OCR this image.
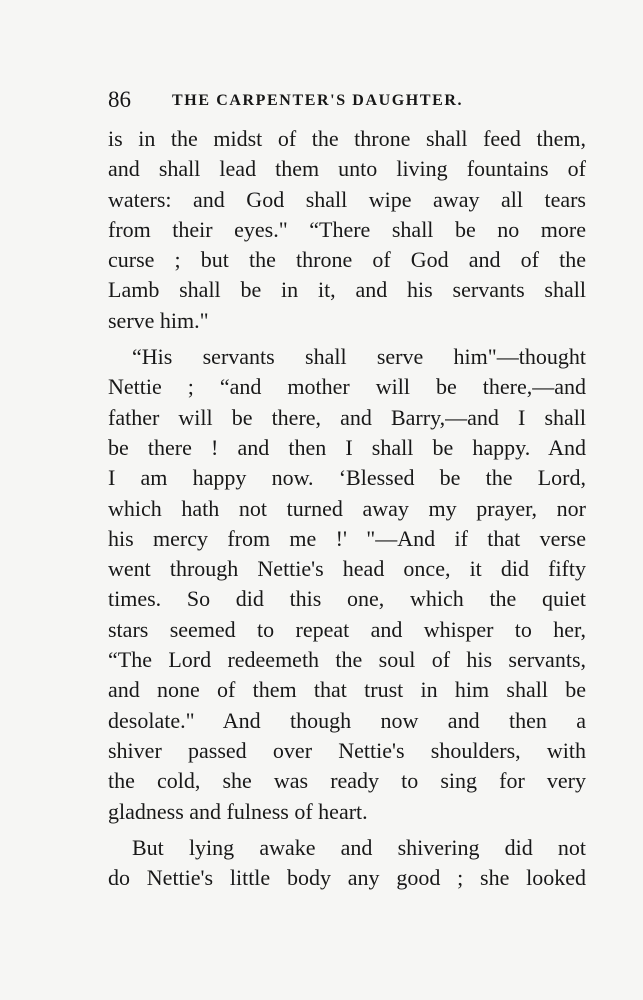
86	THE CARPENTER'S DAUGHTER.
is in the midst of the throne shall feed them,
and shall lead them unto living fountains of
waters: and God shall wipe away all tears
from their eyes." “There shall be no more
curse ; but the throne of God and of the
Lamb shall be in it, and his servants shall
serve him."
“His servants shall serve him"—thought
Nettie ; “and mother will be there,—and
father will be there, and Barry,—and I shall
be there ! and then I shall be happy. And
I am happy now. ‘Blessed be the Lord,
which hath not turned away my prayer, nor
his mercy from me !' "—And if that verse
went through Nettie's head once, it did fifty
times. So did this one, which the quiet
stars seemed to repeat and whisper to her,
“The Lord redeemeth the soul of his servants,
and none of them that trust in him shall be
desolate." And though now and then a
shiver passed over Nettie's shoulders, with
the cold, she was ready to sing for very
gladness and fulness of heart.
But lying awake and shivering did not
do Nettie's little body any good ; she looked
